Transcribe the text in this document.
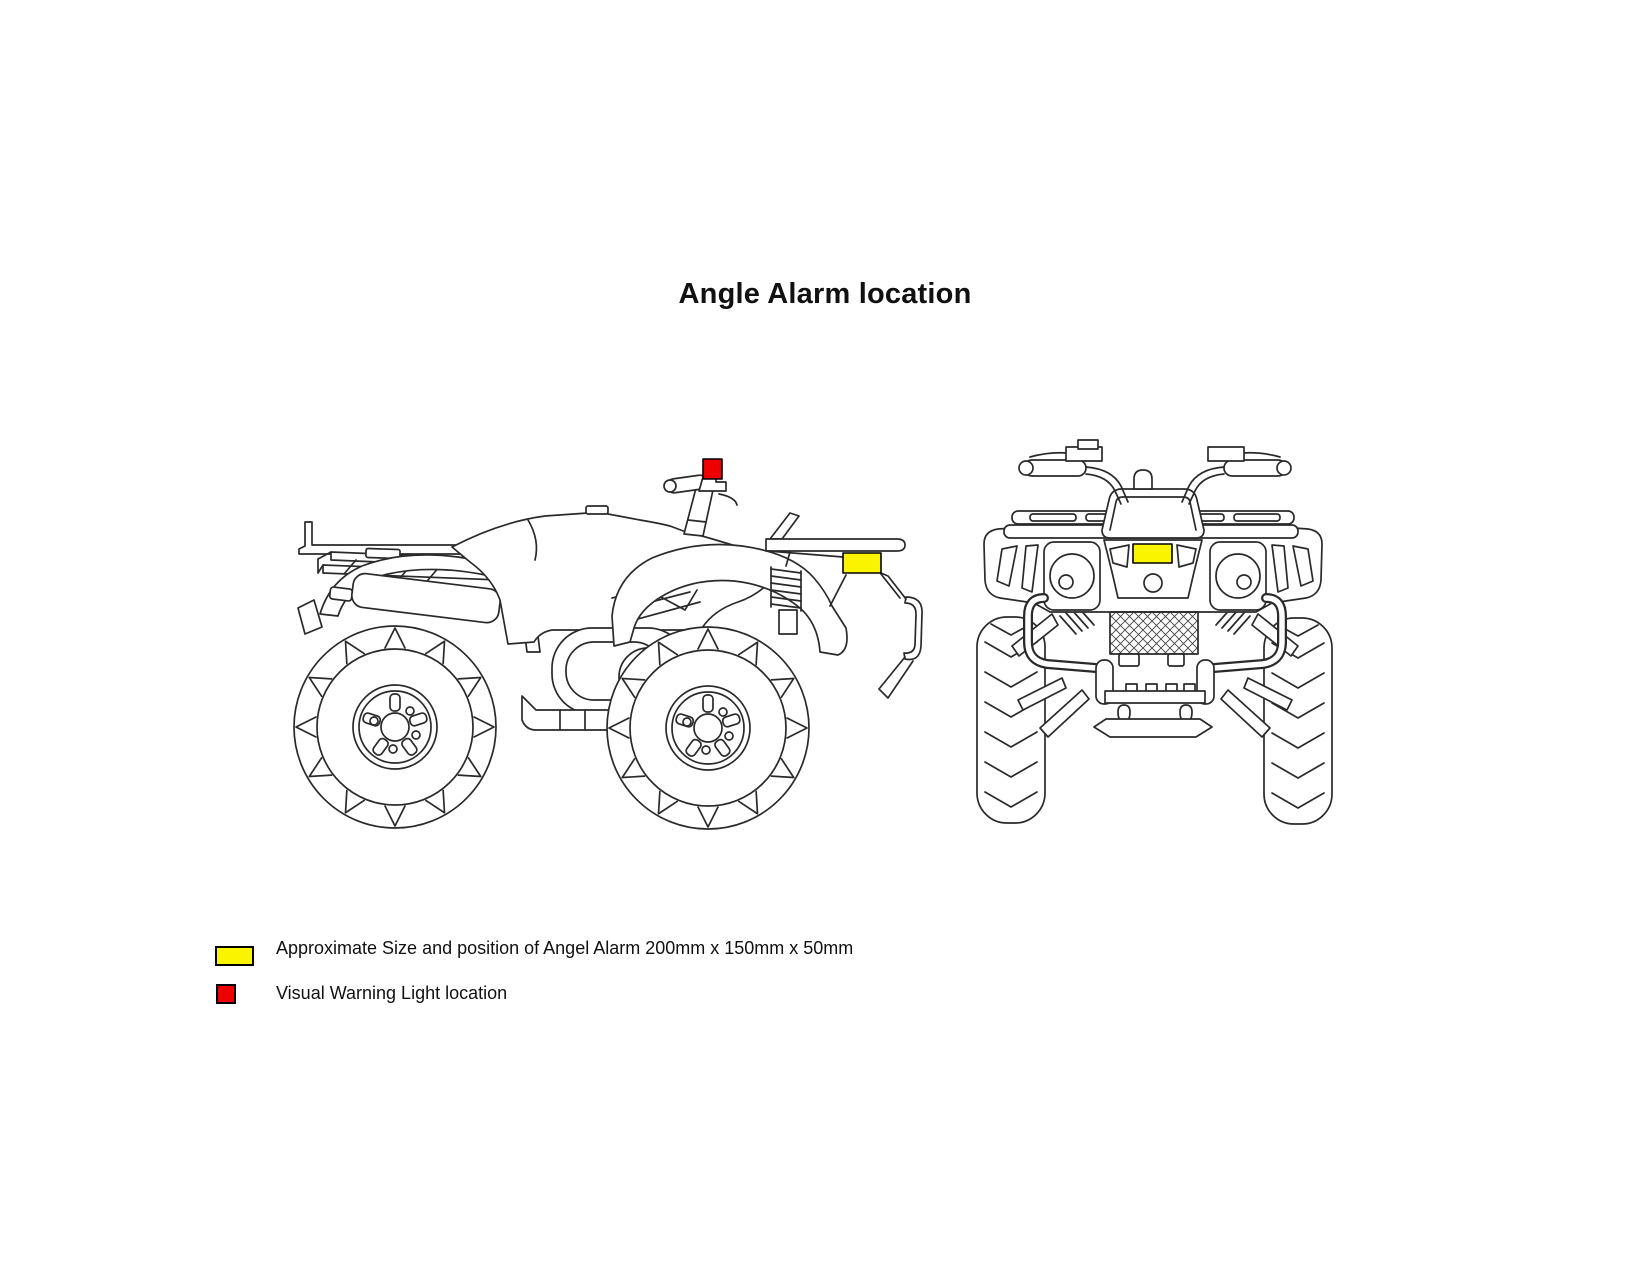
Angle Alarm location
Approximate Size and position of Angel Alarm 200mm x 150mm x 50mm
Visual Warning Light location
